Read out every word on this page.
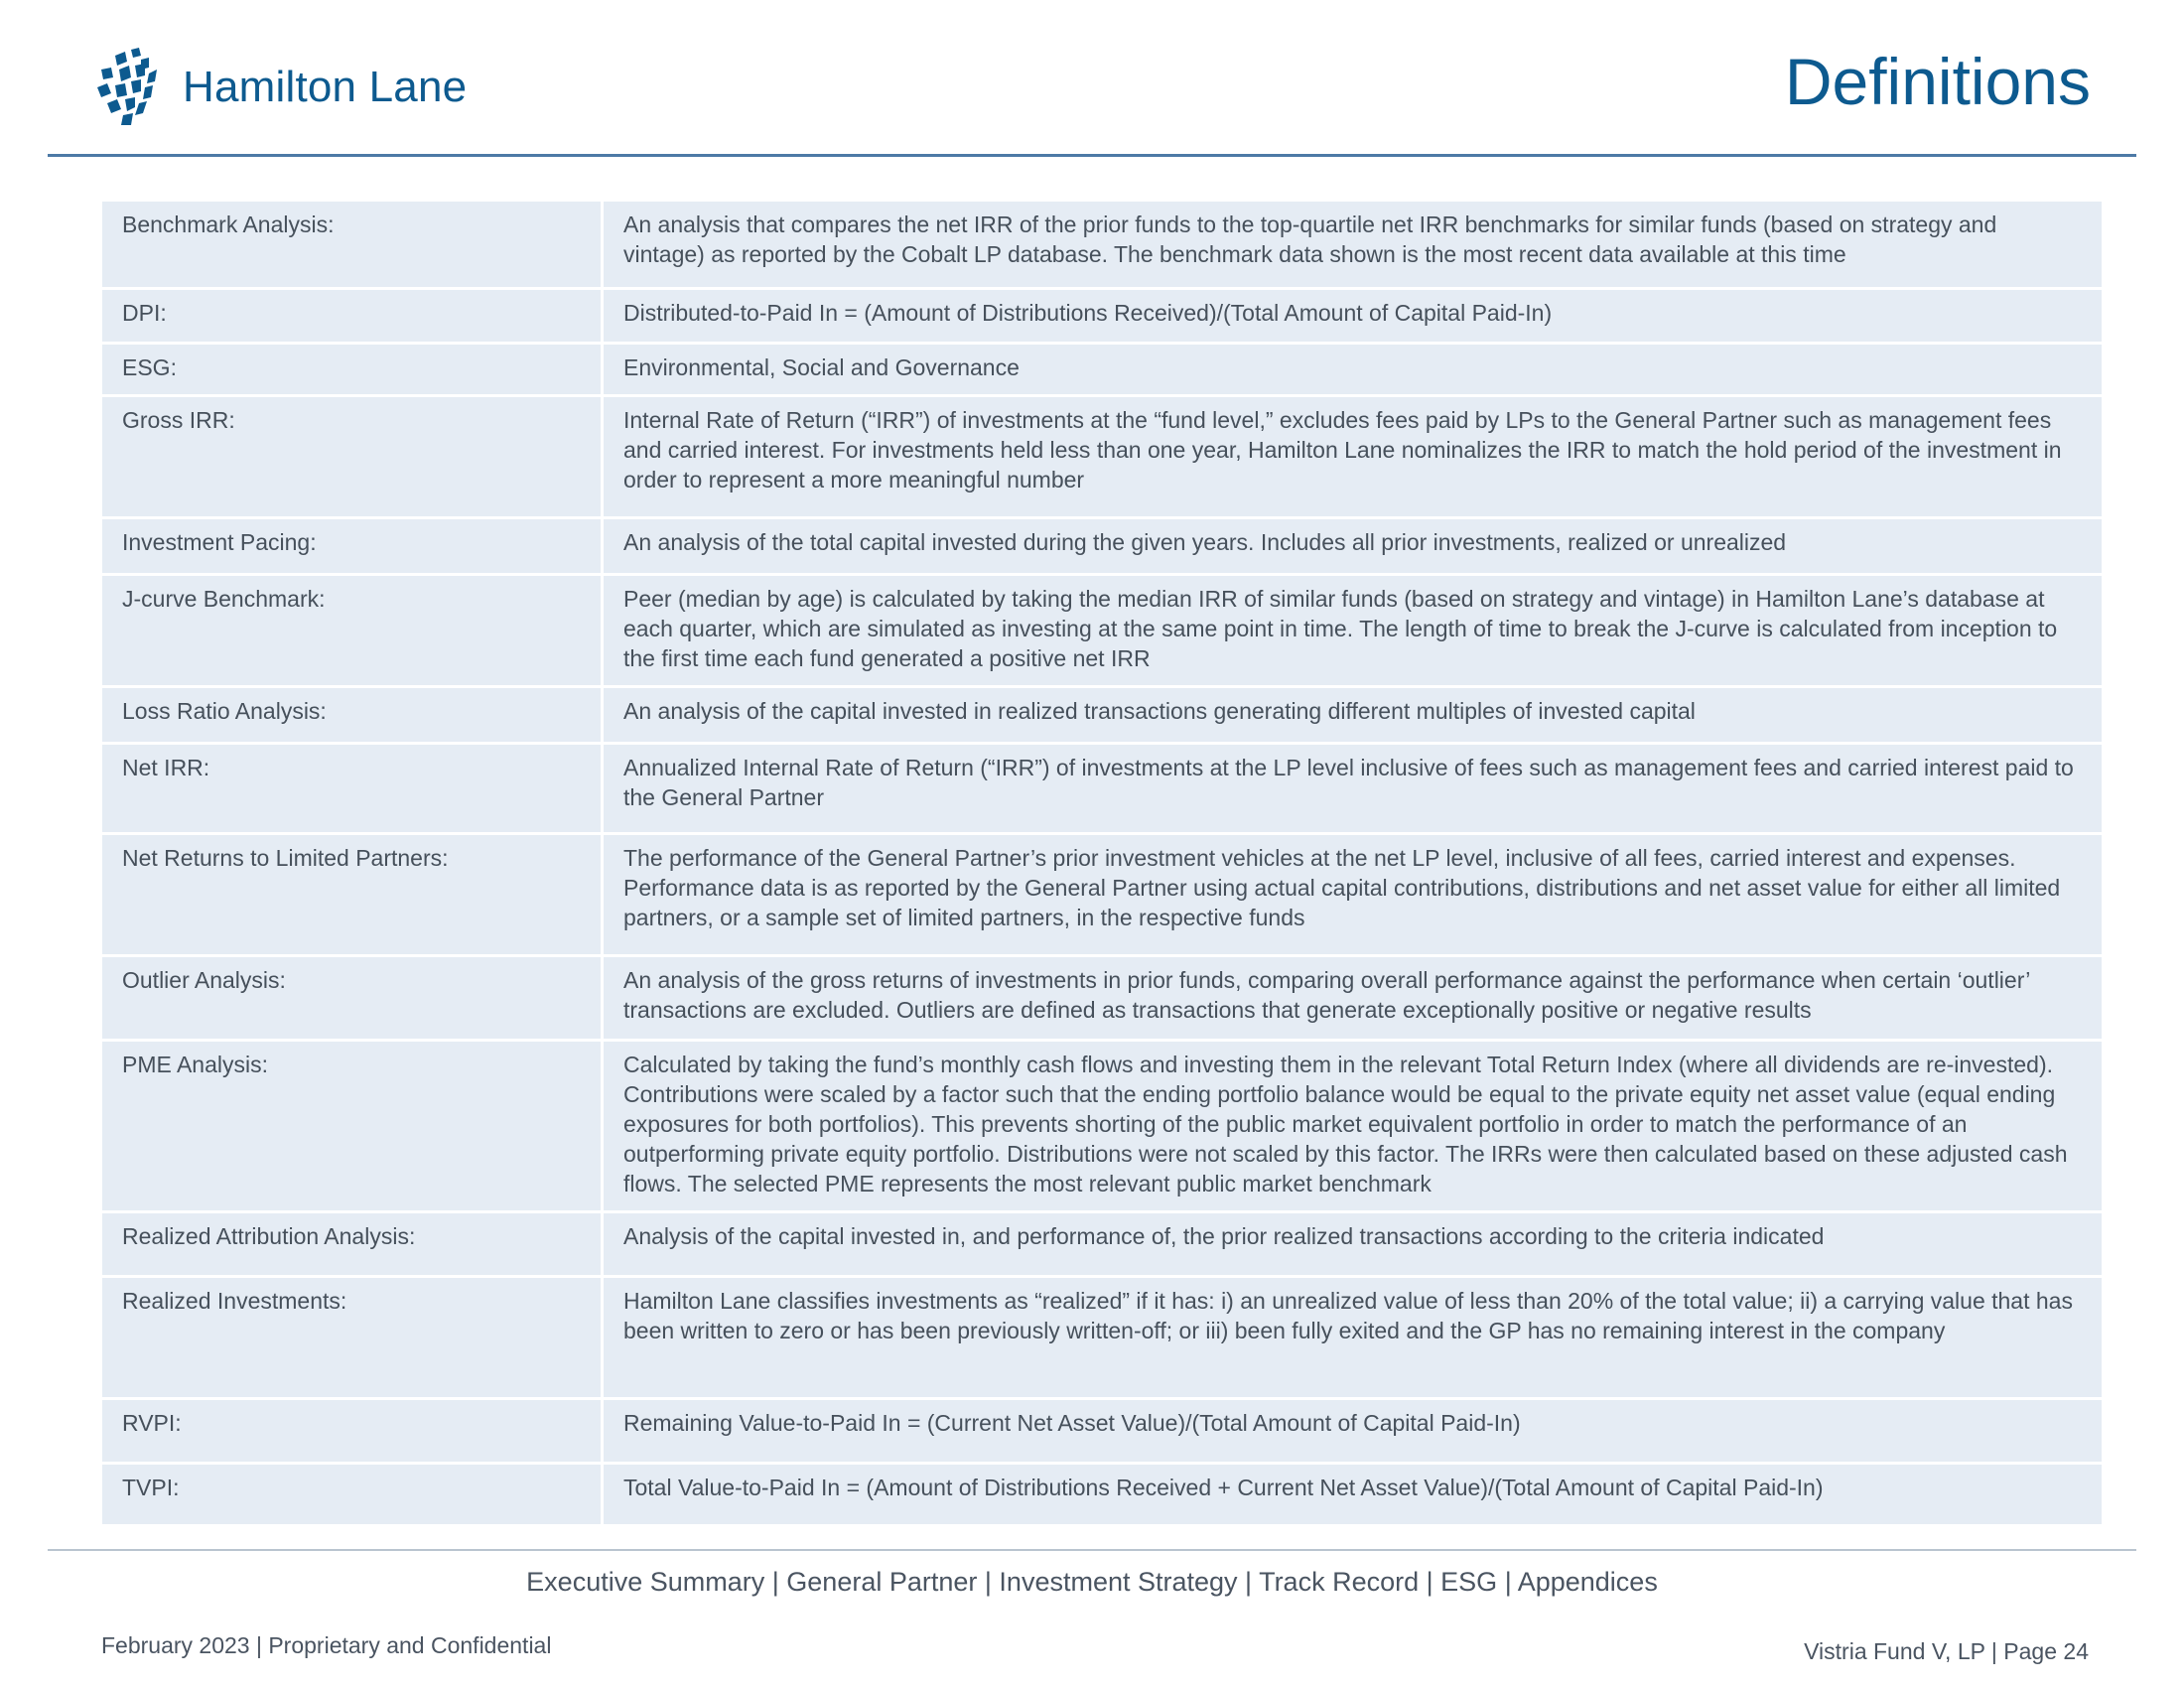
Hamilton Lane	Definitions
Benchmark Analysis:	An analysis that compares the net IRR of the prior funds to the top-quartile net IRR benchmarks for similar funds (based on strategy and vintage) as reported by the Cobalt LP database. The benchmark data shown is the most recent data available at this time
DPI:	Distributed-to-Paid In = (Amount of Distributions Received)/(Total Amount of Capital Paid-In)
ESG:	Environmental, Social and Governance
Gross IRR:	Internal Rate of Return (“IRR”) of investments at the “fund level,” excludes fees paid by LPs to the General Partner such as management fees and carried interest. For investments held less than one year, Hamilton Lane nominalizes the IRR to match the hold period of the investment in order to represent a more meaningful number
Investment Pacing:	An analysis of the total capital invested during the given years. Includes all prior investments, realized or unrealized
J-curve Benchmark:	Peer (median by age) is calculated by taking the median IRR of similar funds (based on strategy and vintage) in Hamilton Lane’s database at each quarter, which are simulated as investing at the same point in time. The length of time to break the J-curve is calculated from inception to the first time each fund generated a positive net IRR
Loss Ratio Analysis:	An analysis of the capital invested in realized transactions generating different multiples of invested capital
Net IRR:	Annualized Internal Rate of Return (“IRR”) of investments at the LP level inclusive of fees such as management fees and carried interest paid to the General Partner
Net Returns to Limited Partners:	The performance of the General Partner’s prior investment vehicles at the net LP level, inclusive of all fees, carried interest and expenses. Performance data is as reported by the General Partner using actual capital contributions, distributions and net asset value for either all limited partners, or a sample set of limited partners, in the respective funds
Outlier Analysis:	An analysis of the gross returns of investments in prior funds, comparing overall performance against the performance when certain ‘outlier’ transactions are excluded. Outliers are defined as transactions that generate exceptionally positive or negative results
PME Analysis:	Calculated by taking the fund’s monthly cash flows and investing them in the relevant Total Return Index (where all dividends are re-invested). Contributions were scaled by a factor such that the ending portfolio balance would be equal to the private equity net asset value (equal ending exposures for both portfolios). This prevents shorting of the public market equivalent portfolio in order to match the performance of an outperforming private equity portfolio. Distributions were not scaled by this factor. The IRRs were then calculated based on these adjusted cash flows. The selected PME represents the most relevant public market benchmark
Realized Attribution Analysis:	Analysis of the capital invested in, and performance of, the prior realized transactions according to the criteria indicated
Realized Investments:	Hamilton Lane classifies investments as “realized” if it has: i) an unrealized value of less than 20% of the total value; ii) a carrying value that has been written to zero or has been previously written-off; or iii) been fully exited and the GP has no remaining interest in the company
RVPI:	Remaining Value-to-Paid In = (Current Net Asset Value)/(Total Amount of Capital Paid-In)
TVPI:	Total Value-to-Paid In = (Amount of Distributions Received + Current Net Asset Value)/(Total Amount of Capital Paid-In)
Executive Summary | General Partner | Investment Strategy | Track Record | ESG | Appendices
February 2023 | Proprietary and Confidential	Vistria Fund V, LP | Page 24
